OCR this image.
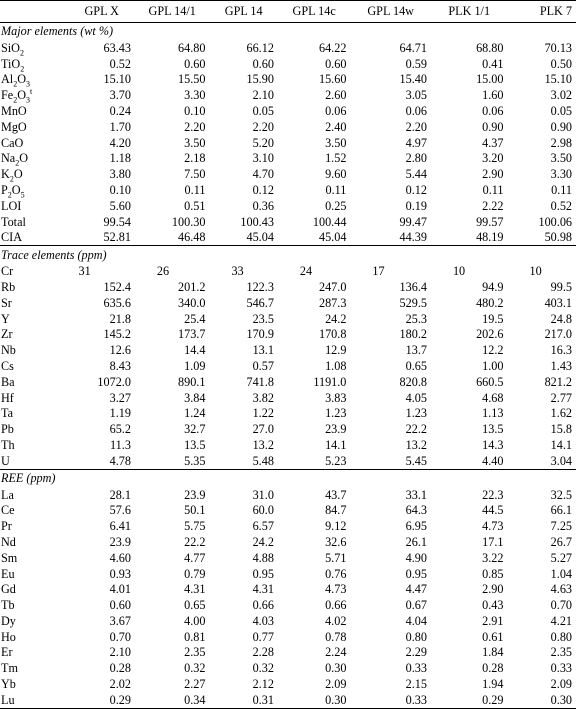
	GPL X	GPL 14/1	GPL 14	GPL 14c	GPL 14w	PLK 1/1	PLK 7
Major elements (wt %)							
SiO$_2$	63.43	64.80	66.12	64.22	64.71	68.80	70.13
TiO$_2$	0.52	0.60	0.60	0.60	0.59	0.41	0.50
$Al_2O_3$	15.10	15.50	15.90	15.60	15.40	15.00	15.10
$Fe_2O_3^t$	3.70	3.30	2.10	2.60	3.05	1.60	3.02
MnO	0.24	0.10	0.05	0.06	0.06	0.06	0.05
MgO	1.70	2.20	2.20	2.40	2.20	0.90	0.90
CaO	4.20	3.50	5.20	3.50	4.97	4.37	2.98
$Na_2O$	1.18	2.18	3.10	1.52	2.80	3.20	3.50
$K_2O$	3.80	7.50	4.70	9.60	5.44	2.90	3.30
$P_2O_5$	0.10	0.11	0.12	0.11	0.12	0.11	0.11
LOI	5.60	0.51	0.36	0.25	0.19	2.22	0.52
Total	99.54	100.30	100.43	100.44	99.47	99.57	100.06
CIA	52.81	46.48	45.04	45.04	44.39	48.19	50.98
Trace elements (ppm)							
Cr	31	26	33	24	17	10	10
Rb	152.4	201.2	122.3	247.0	136.4	94.9	99.5
Sr	635.6	340.0	546.7	287.3	529.5	480.2	403.1
Y	21.8	25.4	23.5	24.2	25.3	19.5	24.8
Zr	145.2	173.7	170.9	170.8	180.2	202.6	217.0
Nb	12.6	14.4	13.1	12.9	13.7	12.2	16.3
Cs	8.43	1.09	0.57	1.08	0.65	1.00	1.43
Ba	1072.0	890.1	741.8	1191.0	820.8	660.5	821.2
Hf	3.27	3.84	3.82	3.83	4.05	4.68	2.77
Ta	1.19	1.24	1.22	1.23	1.23	1.13	1.62
Pb	65.2	32.7	27.0	23.9	22.2	13.5	15.8
Th	11.3	13.5	13.2	14.1	13.2	14.3	14.1
U	4.78	5.35	5.48	5.23	5.45	4.40	3.04
REE (ppm)							
La	28.1	23.9	31.0	43.7	33.1	22.3	32.5
Ce	57.6	50.1	60.0	84.7	64.3	44.5	66.1
Pr	6.41	5.75	6.57	9.12	6.95	4.73	7.25
Nd	23.9	22.2	24.2	32.6	26.1	17.1	26.7
Sm	4.60	4.77	4.88	5.71	4.90	3.22	5.27
Eu	0.93	0.79	0.95	0.76	0.95	0.85	1.04
Gd	4.01	4.31	4.31	4.73	4.47	2.90	4.63
Tb	0.60	0.65	0.66	0.66	0.67	0.43	0.70
Dy	3.67	4.00	4.03	4.02	4.04	2.91	4.21
Ho	0.70	0.81	0.77	0.78	0.80	0.61	0.80
Er	2.10	2.35	2.28	2.24	2.29	1.84	2.35
Tm	0.28	0.32	0.32	0.30	0.33	0.28	0.33
Yb	2.02	2.27	2.12	2.09	2.15	1.94	2.09
Lu	0.29	0.34	0.31	0.30	0.33	0.29	0.30
